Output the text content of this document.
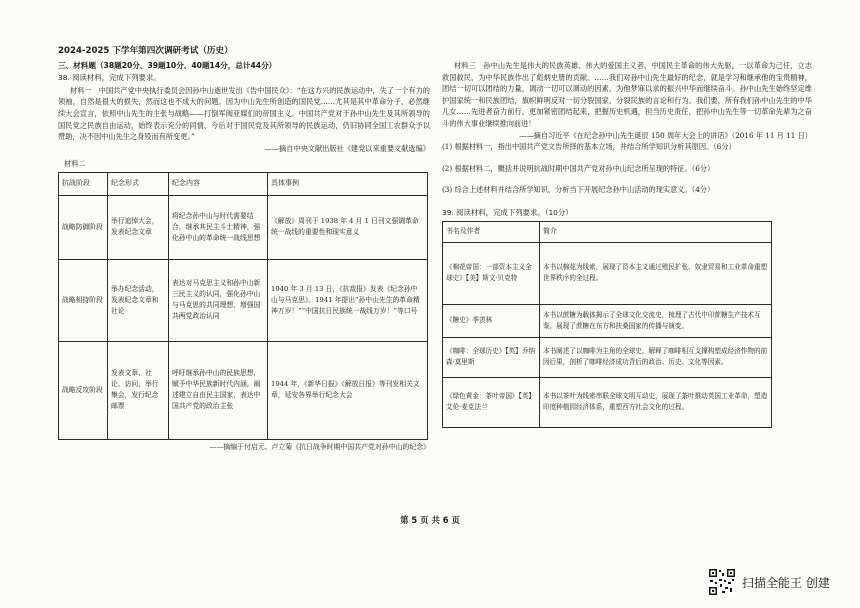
2024-2025 下学年第四次调研考试（历史）
三、材料题（38题20分、39题10分、40题14分，总计44分）
38. 阅读材料，完成下列要求。

材料一　中国共产党中央执行委员会因孙中山逝世发出《告中国民众》：“在这方兴的民族运动中，失了一个有力的领袖，自然是很大的损失，然而这也不成大的问题。因为中山先生所创造的国民党……尤其是其中革命分子，必然继续大会宣言，依照中山先生的主张与战略——打倒军阀亚媒们的帝国主义。中国共产党对于孙中山先生及其所领导的国民党之民族自由运动，始终表示充分的同情，今后对于国民党及其所领导的民族运动，仍旧协同全国工农群众予以赞助，决不因中山先生之身殁而有所变更。”

——摘自中央文献出版社《建党以来重要文献选编》

材料二
抗战阶段	纪念形式	纪念内容	具体事例
战略防御阶段	举行追悼大会，发表纪念文章	将纪念孙中山与时代需要结合，继承其民主斗士精神，强化孙中山的革命统一战线思想	《解放》周刊于 1938 年 4 月 1 日刊文强调革命统一战线的重要性和现实意义
战略相持阶段	举办纪念活动，发表纪念文章和社论	表达对马克思主义和孙中山新三民主义的认同，强化孙中山与马克思的共同理想，增强国共两党政治认同	1940 年 3 月 13 日，《抗敌报》发表《纪念孙中山与马克思》。1941 年提出“孙中山先生的革命精神万岁！”“中国抗日民族统一战线万岁！”等口号
战略反攻阶段	发表文章、社论、访问、举行集会，发行纪念邮票	呼吁继承孙中山的民族思想，赋予中华民族新时代内涵，阐述建立自由民主国家，表达中国共产党的政治主张	1944 年，《新华日报》《解放日报》等刊发相关文章，延安各界举行纪念大会
——摘编于付启元、卢立菊《抗日战争时期中国共产党对孙中山的纪念》

材料三　孙中山先生是伟大的民族英雄、伟大的爱国主义者、中国民主革命的伟大先驱，一以革命为己任，立志救国救民，为中华民族作出了彪炳史册的贡献。……我们对孙中山先生最好的纪念，就是学习和继承他的宝贵精神，团结一切可以团结的力量，调动一切可以调动的因素，为他梦寐以求的振兴中华而继续奋斗。孙中山先生始终坚定维护国家统一和民族团结，旗帜鲜明反对一切分裂国家、分裂民族的言论和行为。我们要，所有我们孙中山先生的中华儿女……先进者奋力前行，更加紧密团结起来，把握历史机遇，担当历史责任，把孙中山先生等一切革命先辈为之奋斗的伟大事业继续推向前进！

——摘自习近平《在纪念孙中山先生诞辰 150 周年大会上的讲话》（2016 年 11 月 11 日）

(1) 根据材料一，指出中国共产党文告所择的基本立场，并结合所学知识分析其原因。（6分）

(2) 根据材料二，概括并说明抗战时期中国共产党对孙中山纪念所呈现的特征。（6分）

(3) 综合上述材料并结合所学知识，分析当下开展纪念孙中山活动的现实意义。（4分）

39. 阅读材料，完成下列要求。（10分）
书名及作者	简介
《棉花帝国：一部资本主义全球史》【美】斯文·贝克特	本书以棉花为线索，展现了资本主义通过殖民扩张、奴隶贸易和工业革命重塑世界秩序的全过程。
《糖史》季羡林	本书以蔗糖为载体揭示了全球文化交流史，梳理了古代中印蔗糖生产技术互鉴，展现了蔗糖在东方和扶桑国家的传播与演变。
《咖啡：全球历史》【英】乔纳森·莫里斯	本书阐述了以咖啡为主角的全球史，解释了咖啡相互支撑构塑成经济作物的前因后果，剖析了咖啡经济成功背后的政治、历史、文化等因素。
《绿色黄金：茶叶帝国》【英】艾伦·麦克法兰	本书以茶叶为线索串联全球文明互动史，展现了茶叶推动英国工业革命，塑造印度种植园经济体系，重塑西方社会文化的过程。
第 5 页 共 6 页
扫描全能王 创建
